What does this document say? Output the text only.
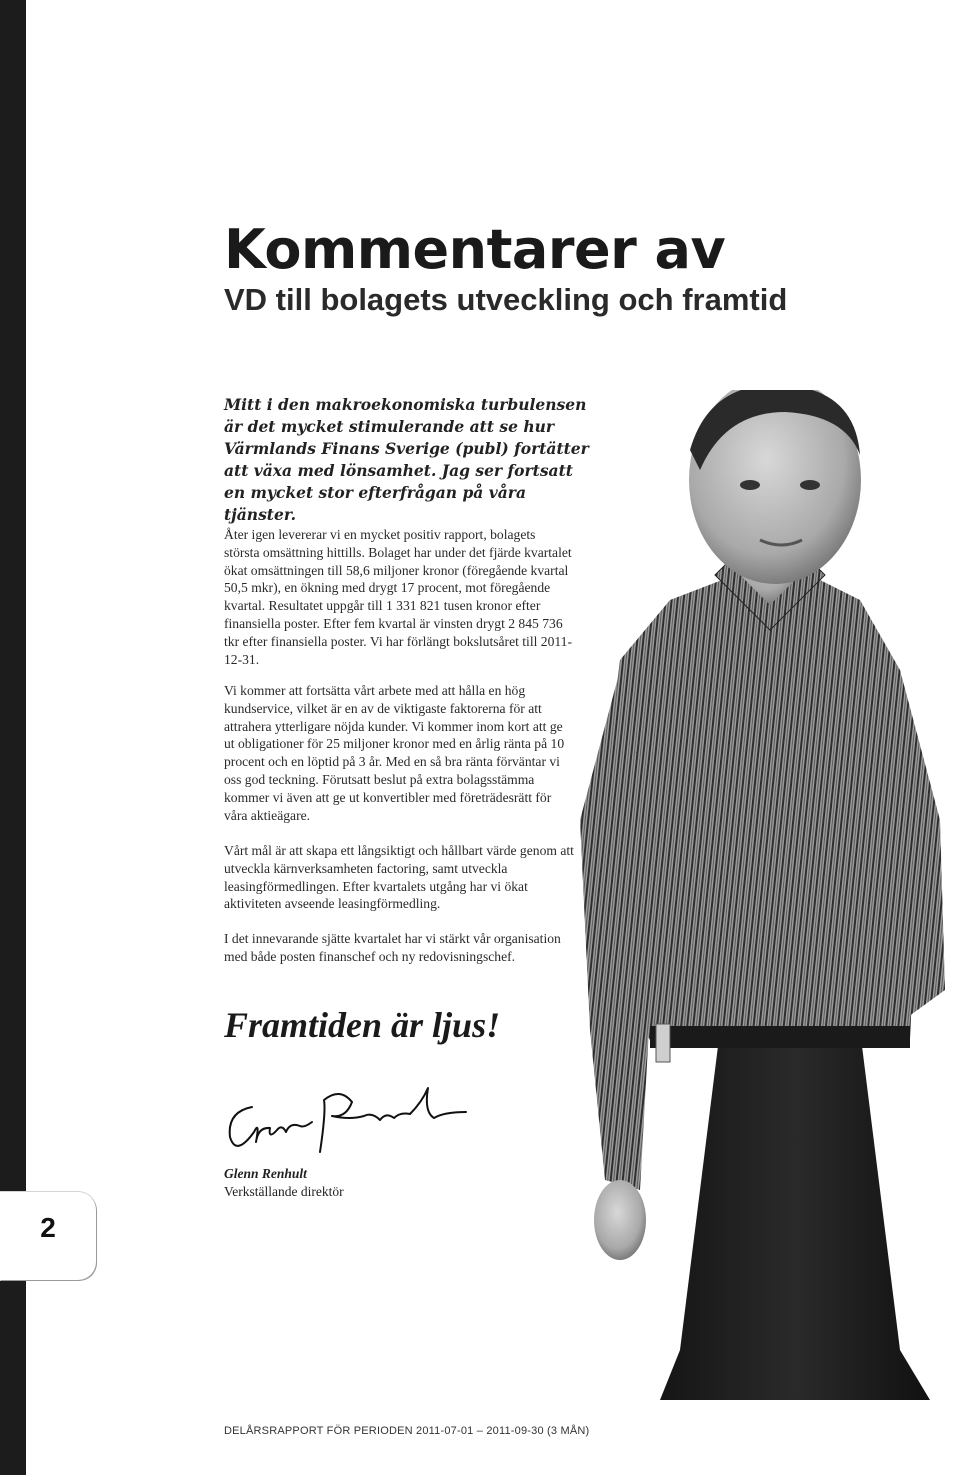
2
Kommentarer av
VD till bolagets utveckling och framtid

Mitt i den makroekonomiska turbulensen är det mycket stimulerande att se hur Värmlands Finans Sverige (publ) fortätter att växa med lönsamhet. Jag ser fortsatt en mycket stor efterfrågan på våra tjänster.

Åter igen levererar vi en mycket positiv rapport, bolagets största omsättning hittills. Bolaget har under det fjärde kvartalet ökat omsättningen till 58,6 miljoner kronor (föregående kvartal 50,5 mkr), en ökning med drygt 17 procent, mot föregående kvartal. Resultatet uppgår till 1 331 821 tusen kronor efter finansiella poster. Efter fem kvartal är vinsten drygt 2 845 736 tkr efter finansiella poster. Vi har förlängt bokslutsåret till 2011-12-31.

Vi kommer att fortsätta vårt arbete med att hålla en hög kundservice, vilket är en av de viktigaste faktorerna för att attrahera ytterligare nöjda kunder. Vi kommer inom kort att ge ut obligationer för 25 miljoner kronor med en årlig ränta på 10 procent och en löptid på 3 år. Med en så bra ränta förväntar vi oss god teckning. Förutsatt beslut på extra bolagsstämma kommer vi även att ge ut konvertibler med företrädesrätt för våra aktieägare.

Vårt mål är att skapa ett långsiktigt och hållbart värde genom att utveckla kärnverksamheten factoring, samt utveckla leasingförmedlingen. Efter kvartalets utgång har vi ökat aktiviteten avseende leasingförmedling.

I det innevarande sjätte kvartalet har vi stärkt vår organisation med både posten finanschef och ny redovisningschef.

Framtiden är ljus!

Glenn Renhult

Verkställande direktör

DELÅRSRAPPORT FÖR PERIODEN 2011-07-01 – 2011-09-30 (3 MÅN)
